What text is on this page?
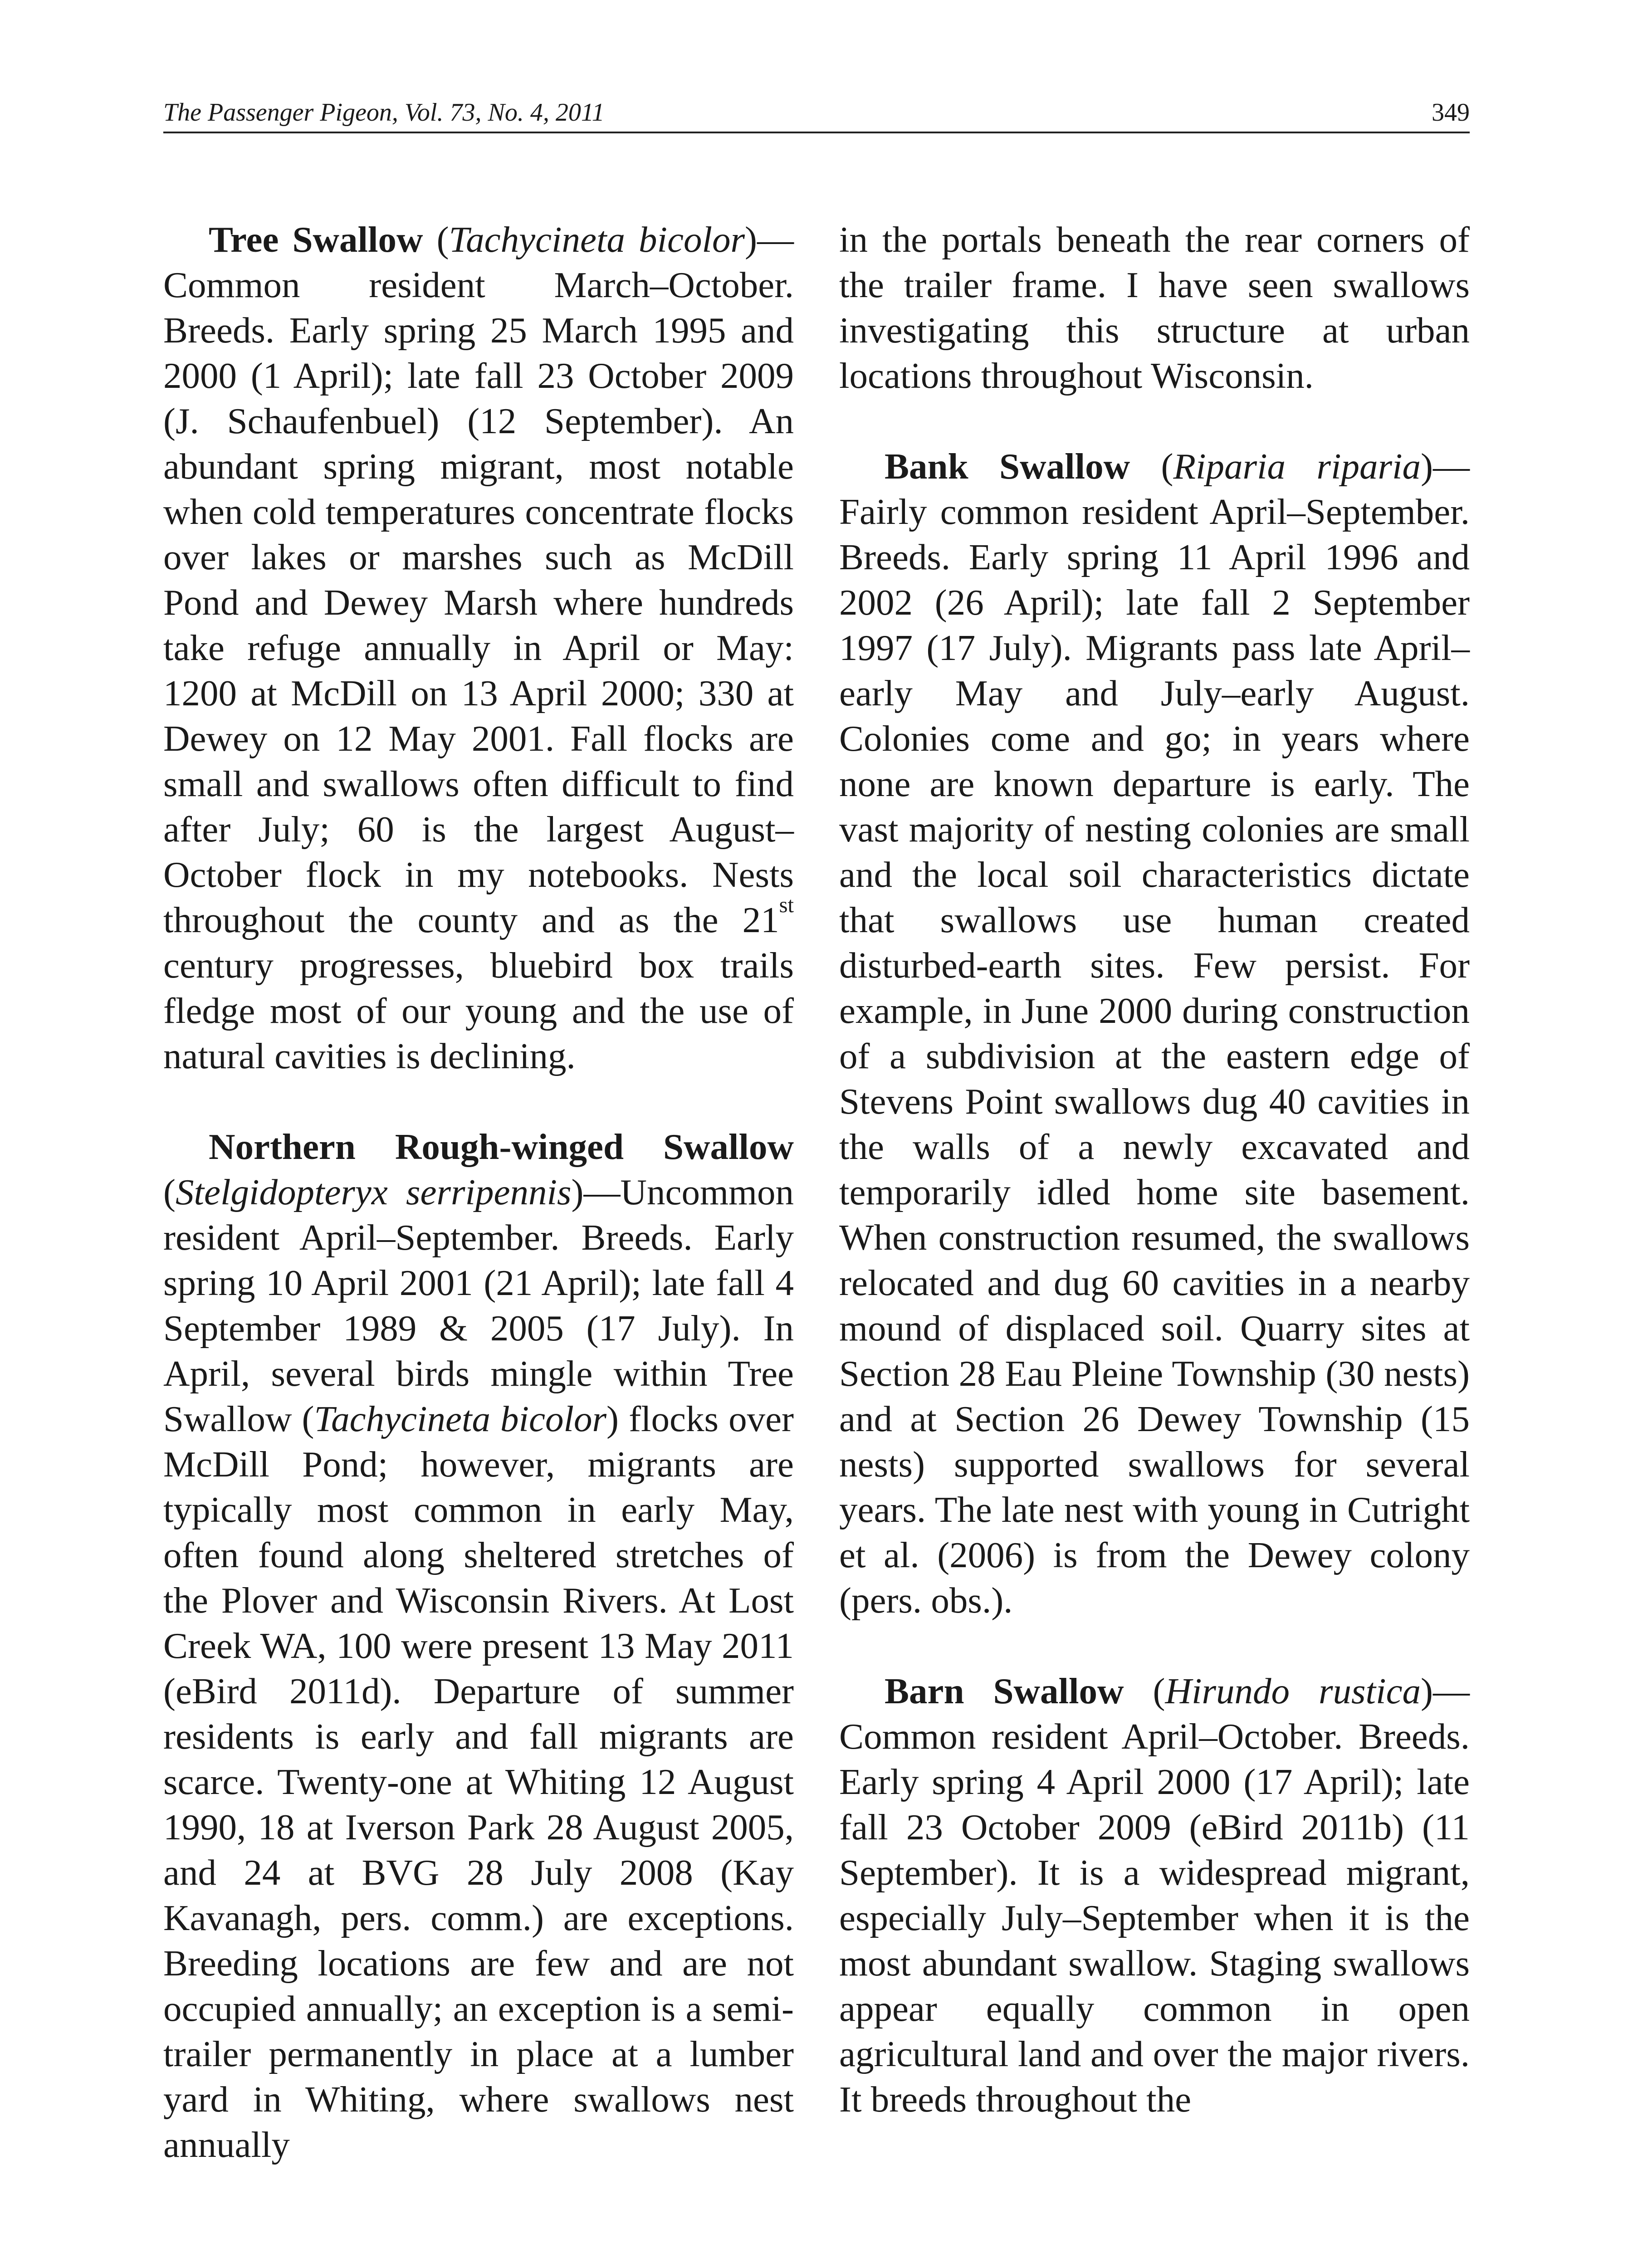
The Passenger Pigeon, Vol. 73, No. 4, 2011	349

Tree Swallow (Tachycineta bicolor)—Common resident March–October. Breeds. Early spring 25 March 1995 and 2000 (1 April); late fall 23 October 2009 (J. Schaufenbuel) (12 September). An abundant spring migrant, most notable when cold temperatures concentrate flocks over lakes or marshes such as McDill Pond and Dewey Marsh where hundreds take refuge annually in April or May: 1200 at McDill on 13 April 2000; 330 at Dewey on 12 May 2001. Fall flocks are small and swallows often difficult to find after July; 60 is the largest August–October flock in my notebooks. Nests throughout the county and as the 21st century progresses, bluebird box trails fledge most of our young and the use of natural cavities is declining.

Northern Rough-winged Swallow (Stelgidopteryx serripennis)—Uncommon resident April–September. Breeds. Early spring 10 April 2001 (21 April); late fall 4 September 1989 & 2005 (17 July). In April, several birds mingle within Tree Swallow (Tachycineta bicolor) flocks over McDill Pond; however, migrants are typically most common in early May, often found along sheltered stretches of the Plover and Wisconsin Rivers. At Lost Creek WA, 100 were present 13 May 2011 (eBird 2011d). Departure of summer residents is early and fall migrants are scarce. Twenty-one at Whiting 12 August 1990, 18 at Iverson Park 28 August 2005, and 24 at BVG 28 July 2008 (Kay Kavanagh, pers. comm.) are exceptions. Breeding locations are few and are not occupied annually; an exception is a semi-trailer permanently in place at a lumber yard in Whiting, where swallows nest annually

in the portals beneath the rear corners of the trailer frame. I have seen swallows investigating this structure at urban locations throughout Wisconsin.

Bank Swallow (Riparia riparia)—Fairly common resident April–September. Breeds. Early spring 11 April 1996 and 2002 (26 April); late fall 2 September 1997 (17 July). Migrants pass late April–early May and July–early August. Colonies come and go; in years where none are known departure is early. The vast majority of nesting colonies are small and the local soil characteristics dictate that swallows use human created disturbed-earth sites. Few persist. For example, in June 2000 during construction of a subdivision at the eastern edge of Stevens Point swallows dug 40 cavities in the walls of a newly excavated and temporarily idled home site basement. When construction resumed, the swallows relocated and dug 60 cavities in a nearby mound of displaced soil. Quarry sites at Section 28 Eau Pleine Township (30 nests) and at Section 26 Dewey Township (15 nests) supported swallows for several years. The late nest with young in Cutright et al. (2006) is from the Dewey colony (pers. obs.).

Barn Swallow (Hirundo rustica)—Common resident April–October. Breeds. Early spring 4 April 2000 (17 April); late fall 23 October 2009 (eBird 2011b) (11 September). It is a widespread migrant, especially July–September when it is the most abundant swallow. Staging swallows appear equally common in open agricultural land and over the major rivers. It breeds throughout the
